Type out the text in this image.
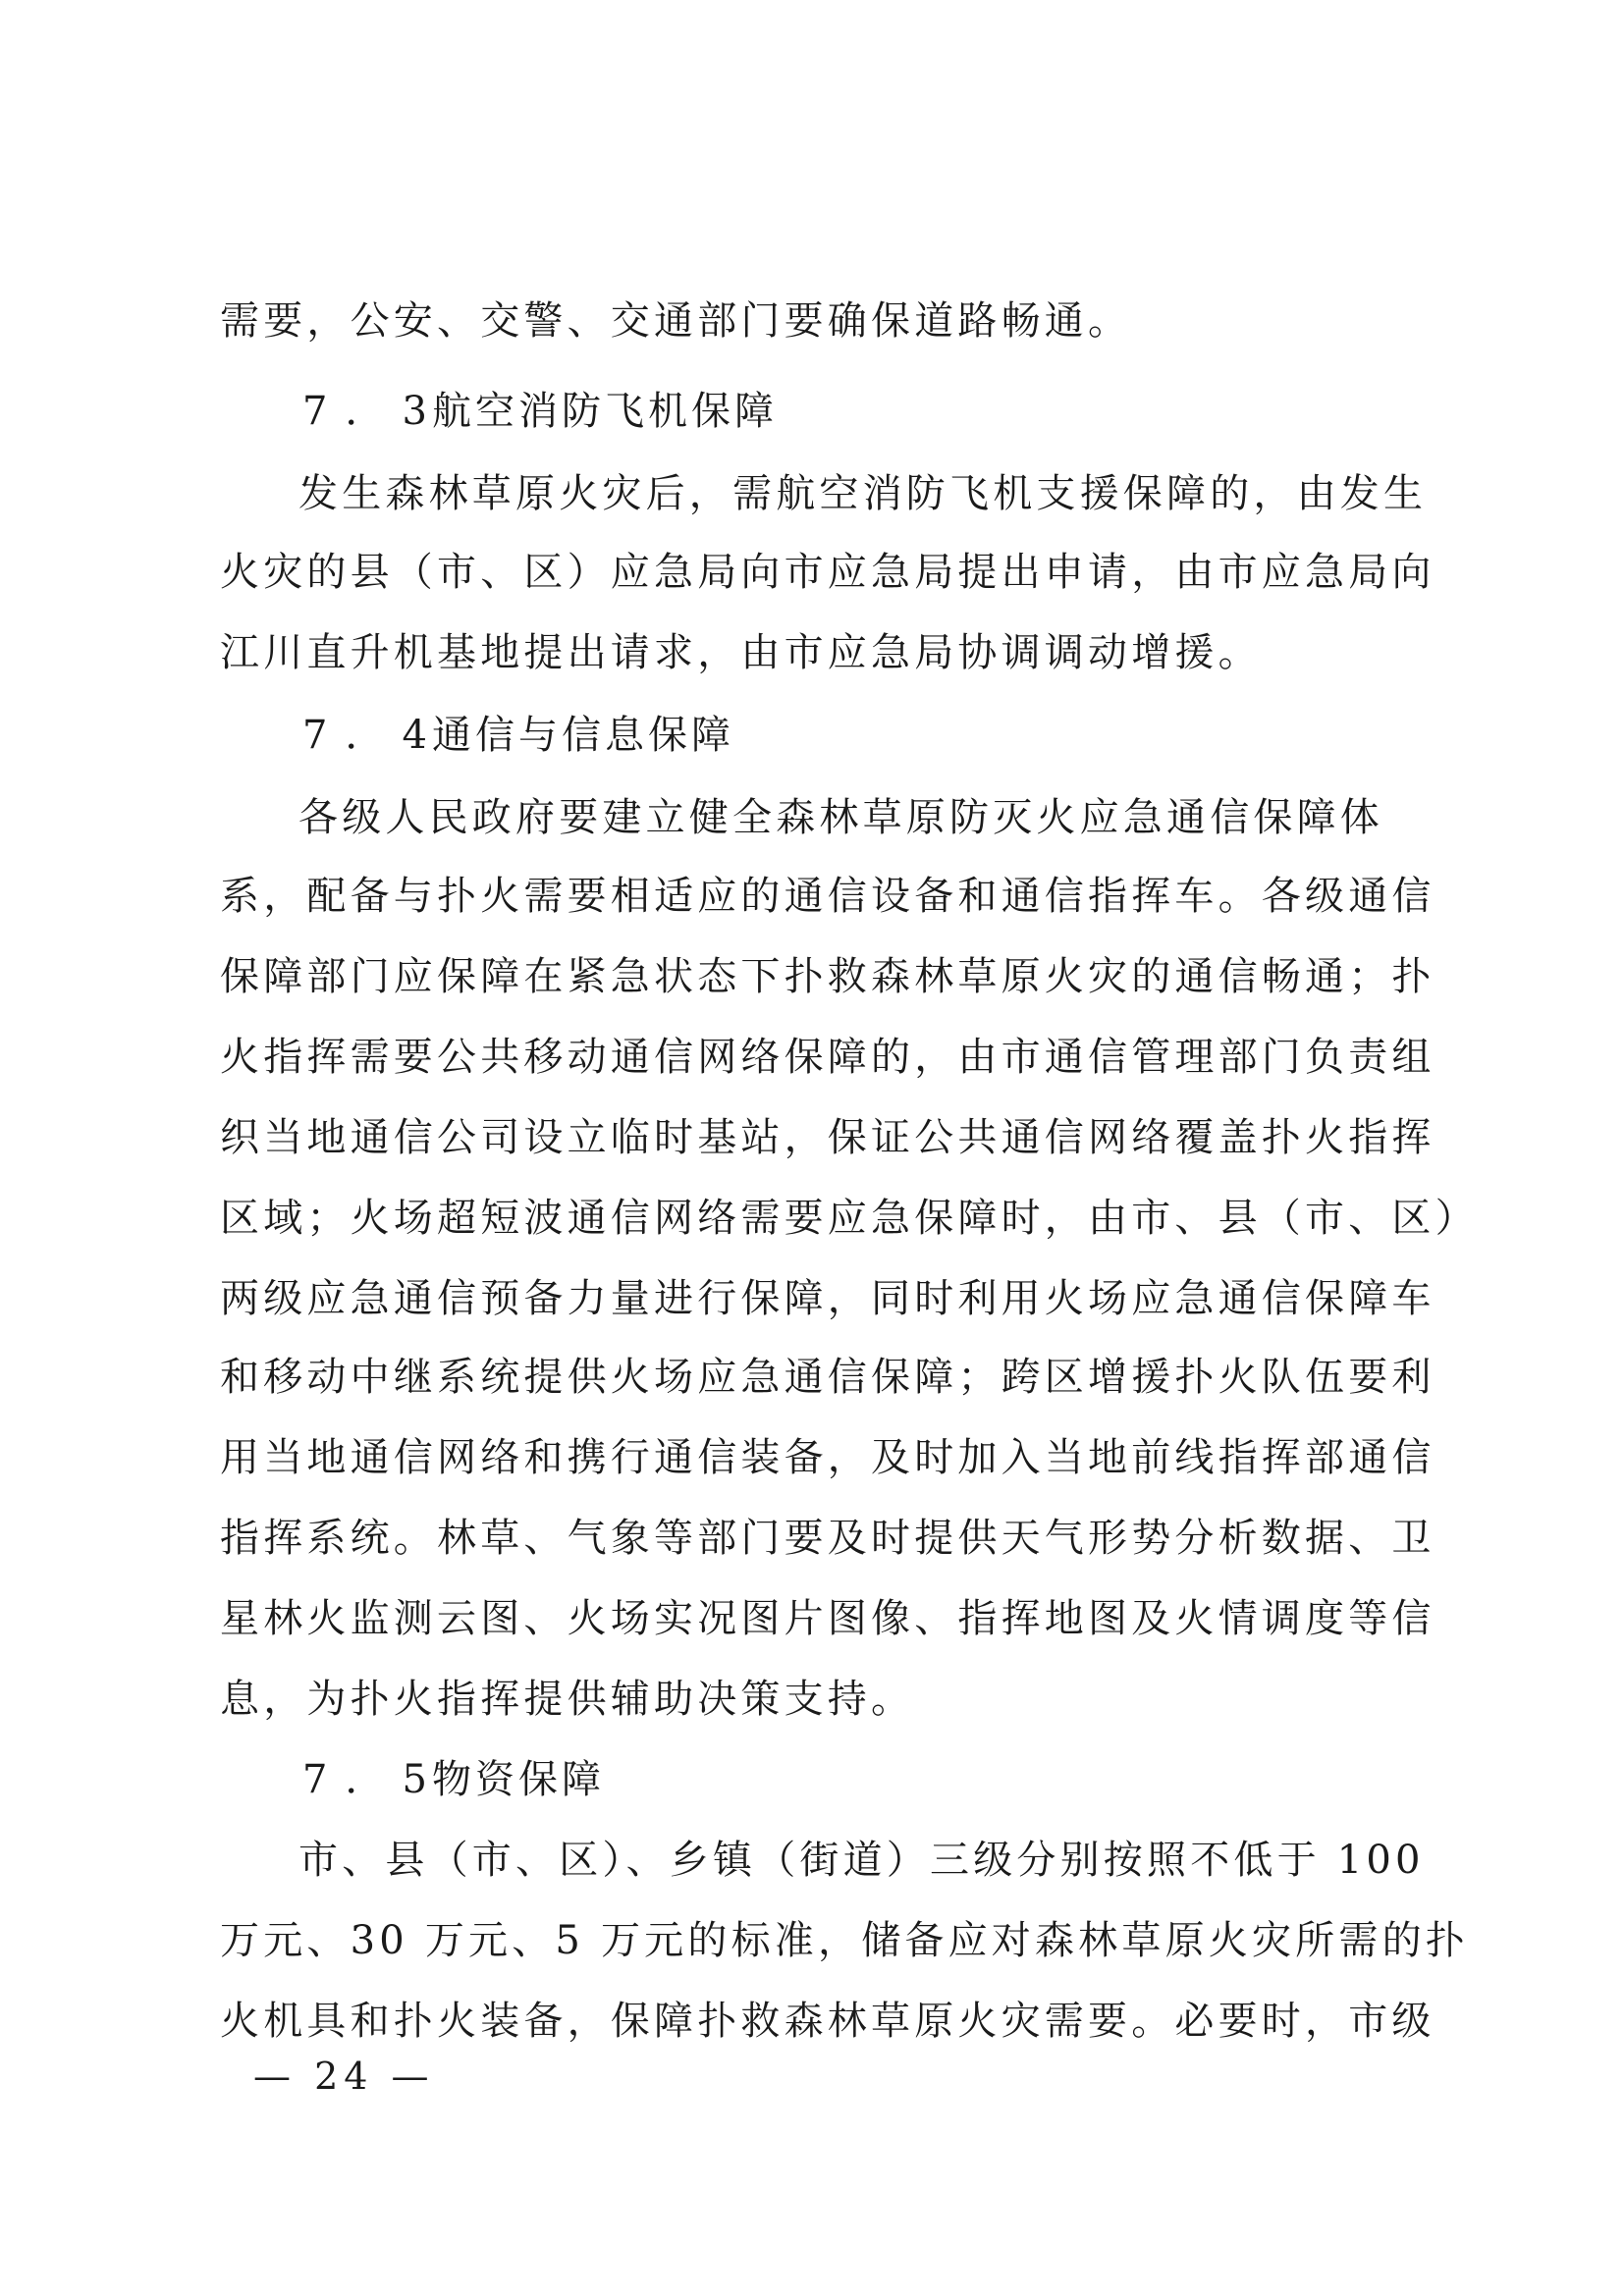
需要，公安、交警、交通部门要确保道路畅通。
7．3航空消防飞机保障
发生森林草原火灾后，需航空消防飞机支援保障的，由发生
火灾的县（市、区）应急局向市应急局提出申请，由市应急局向
江川直升机基地提出请求，由市应急局协调调动增援。
7．4通信与信息保障
各级人民政府要建立健全森林草原防灭火应急通信保障体
系，配备与扑火需要相适应的通信设备和通信指挥车。各级通信
保障部门应保障在紧急状态下扑救森林草原火灾的通信畅通；扑
火指挥需要公共移动通信网络保障的，由市通信管理部门负责组
织当地通信公司设立临时基站，保证公共通信网络覆盖扑火指挥
区域；火场超短波通信网络需要应急保障时，由市、县（市、区）
两级应急通信预备力量进行保障，同时利用火场应急通信保障车
和移动中继系统提供火场应急通信保障；跨区增援扑火队伍要利
用当地通信网络和携行通信装备，及时加入当地前线指挥部通信
指挥系统。林草、气象等部门要及时提供天气形势分析数据、卫
星林火监测云图、火场实况图片图像、指挥地图及火情调度等信
息，为扑火指挥提供辅助决策支持。
7．5物资保障
市、县（市、区）、乡镇（街道）三级分别按照不低于 100
万元、30 万元、5 万元的标准，储备应对森林草原火灾所需的扑
火机具和扑火装备，保障扑救森林草原火灾需要。必要时，市级
— 24 —
